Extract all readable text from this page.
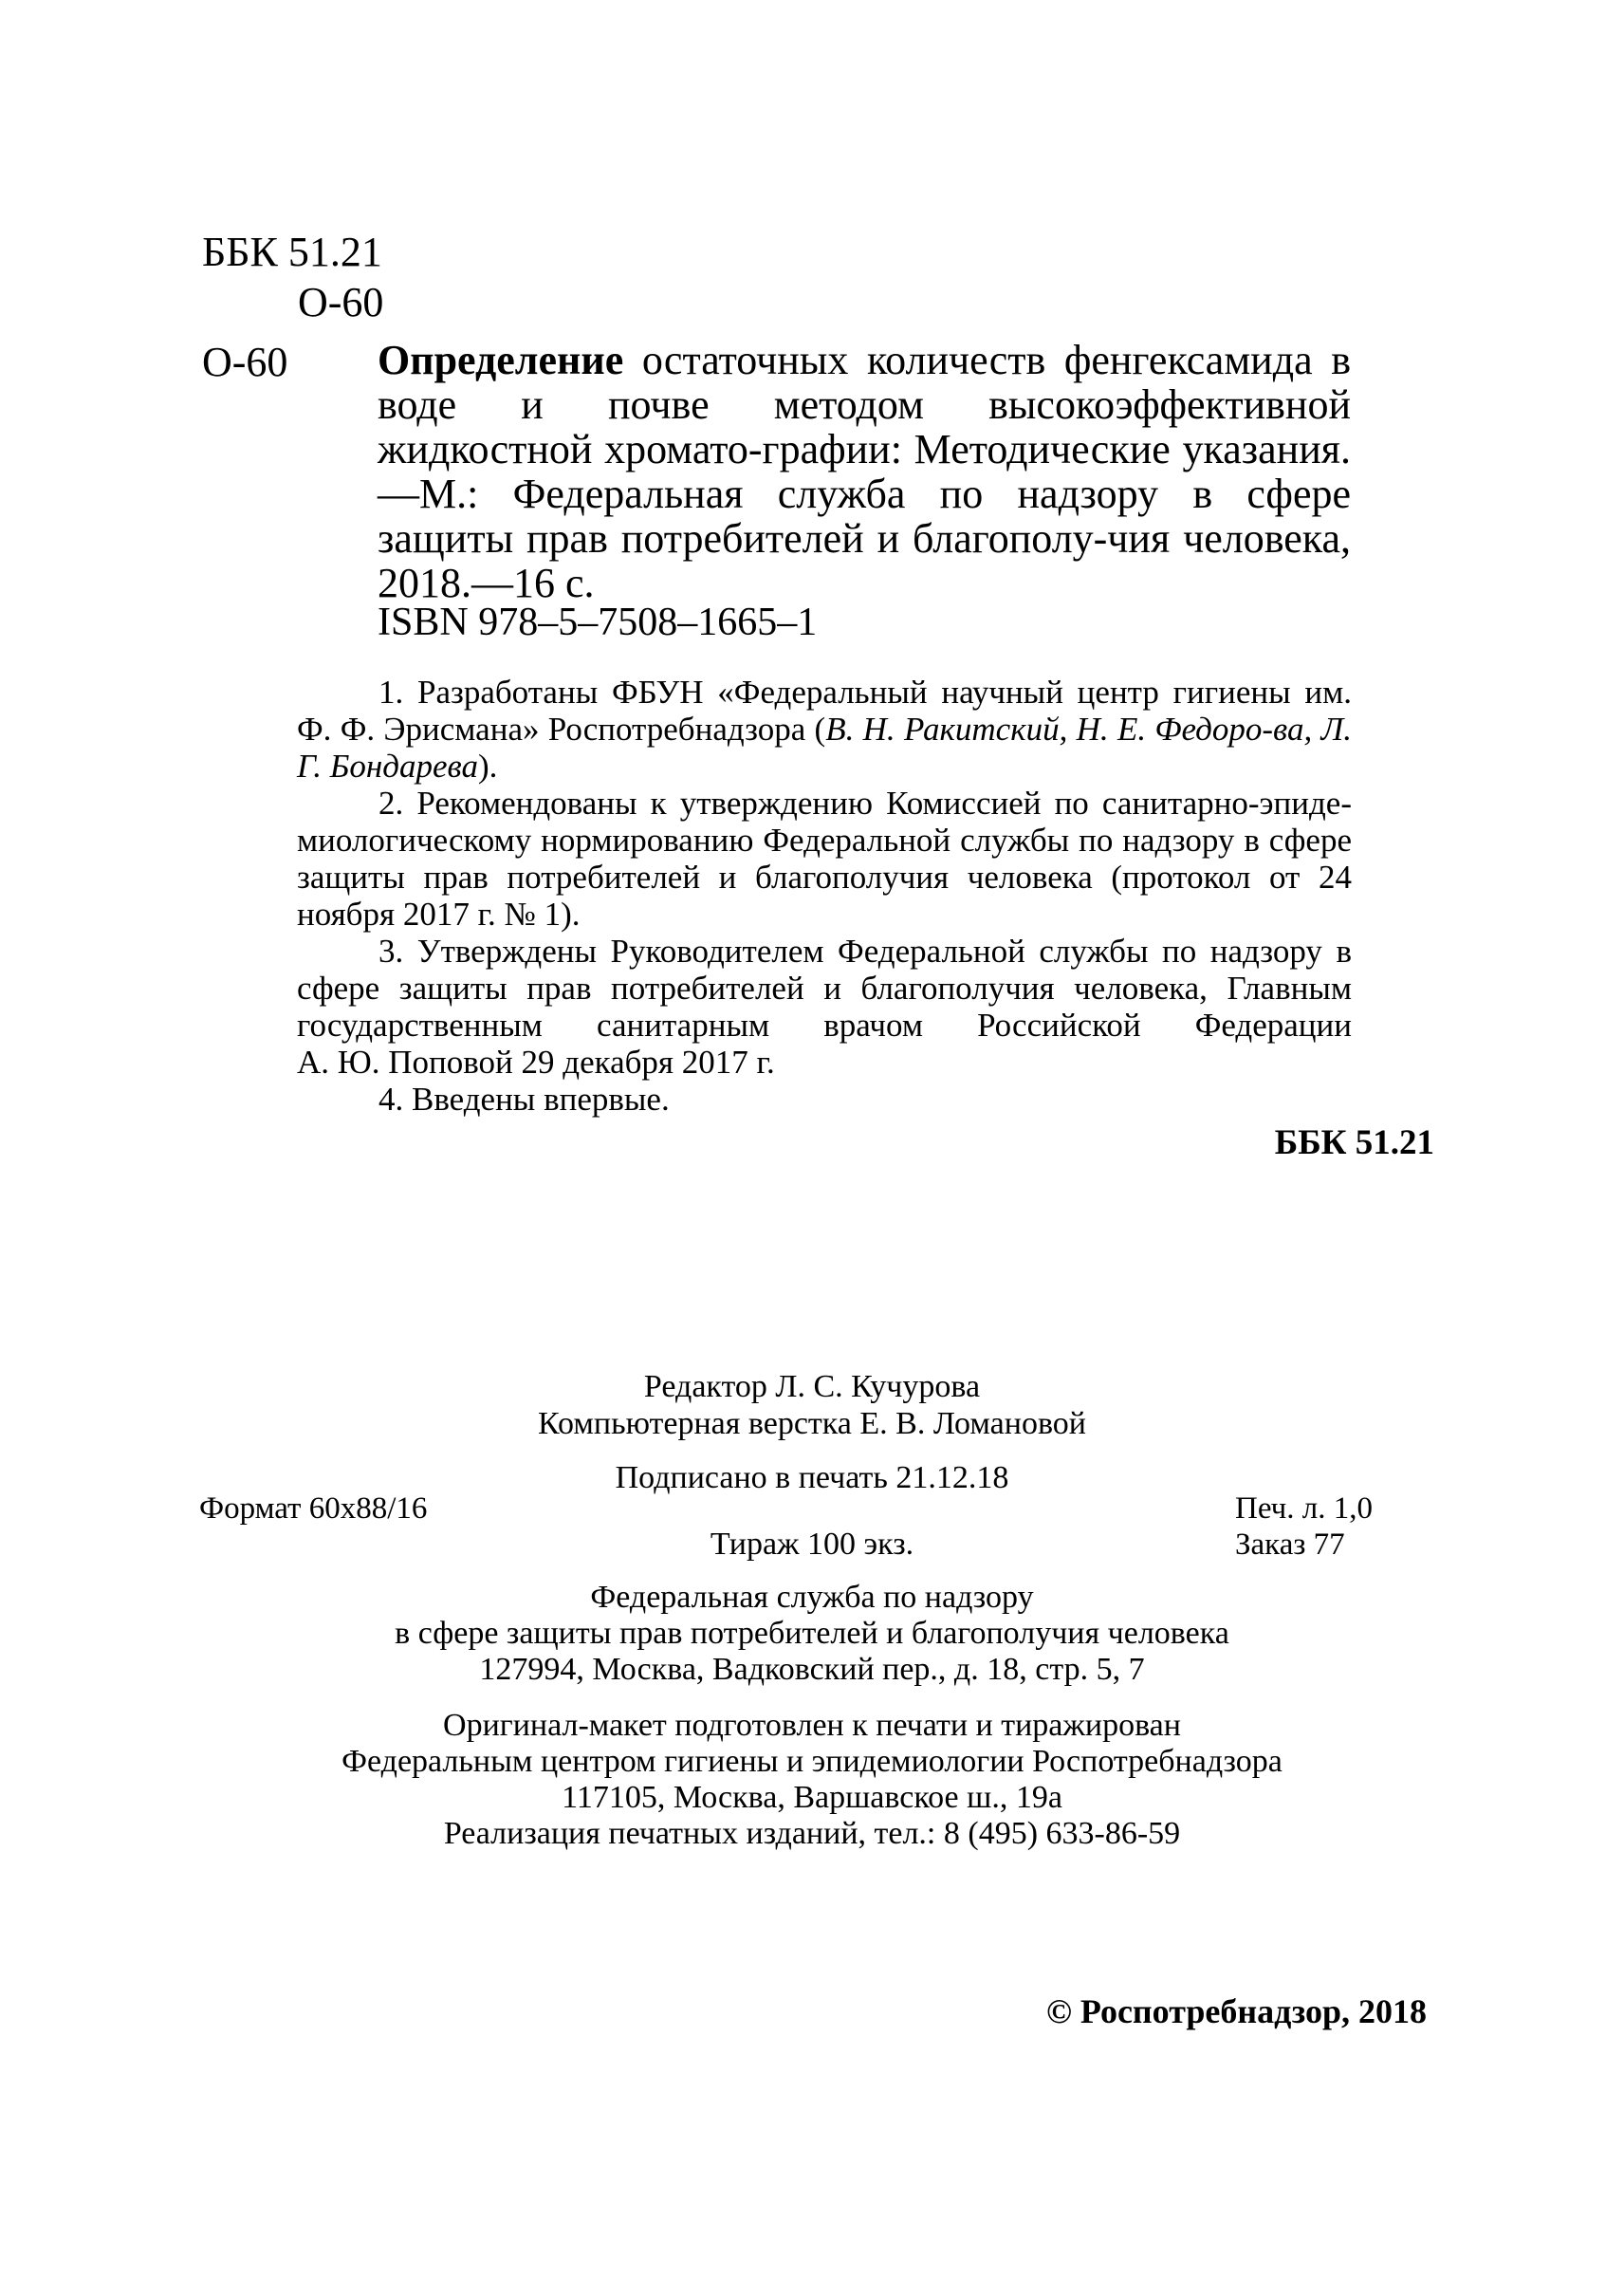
ББК 51.21
О-60
О-60 Определение остаточных количеств фенгексамида в воде и почве методом высокоэффективной жидкостной хромато-графии: Методические указания.—М.: Федеральная служба по надзору в сфере защиты прав потребителей и благополу-чия человека, 2018.—16 с.
ISBN 978–5–7508–1665–1

1. Разработаны ФБУН «Федеральный научный центр гигиены им. Ф. Ф. Эрисмана» Роспотребнадзора (В. Н. Ракитский, Н. Е. Федоро-ва, Л. Г. Бондарева).

2. Рекомендованы к утверждению Комиссией по санитарно-эпиде-миологическому нормированию Федеральной службы по надзору в сфере защиты прав потребителей и благополучия человека (протокол от 24 ноября 2017 г. № 1).

3. Утверждены Руководителем Федеральной службы по надзору в сфере защиты прав потребителей и благополучия человека, Главным государственным санитарным врачом Российской Федерации

А. Ю. Поповой 29 декабря 2017 г.

4. Введены впервые.

ББК 51.21
Редактор Л. С. Кучурова
Компьютерная верстка Е. В. Ломановой
Подписано в печать 21.12.18
Формат 60x88/16	Печ. л. 1,0
Заказ 77
Тираж 100 экз.
Федеральная служба по надзору
в сфере защиты прав потребителей и благополучия человека
127994, Москва, Вадковский пер., д. 18, стр. 5, 7
Оригинал-макет подготовлен к печати и тиражирован
Федеральным центром гигиены и эпидемиологии Роспотребнадзора
117105, Москва, Варшавское ш., 19а
Реализация печатных изданий, тел.: 8 (495) 633-86-59
© Роспотребнадзор, 2018
